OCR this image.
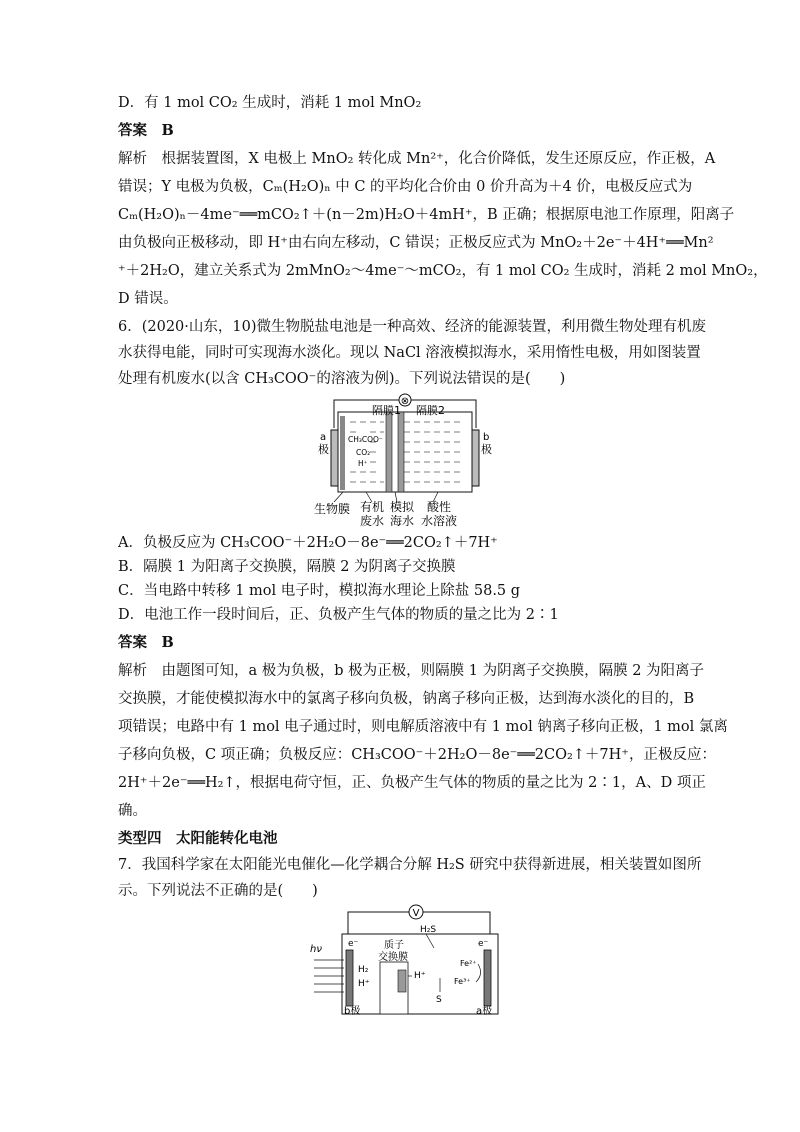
D．有 1 mol CO₂ 生成时，消耗 1 mol MnO₂
答案　B
解析　根据装置图，X 电极上 MnO₂ 转化成 Mn²⁺，化合价降低，发生还原反应，作正极，A
错误；Y 电极为负极，Cₘ(H₂O)ₙ 中 C 的平均化合价由 0 价升高为＋4 价，电极反应式为
Cₘ(H₂O)ₙ－4me⁻══mCO₂↑＋(n－2m)H₂O＋4mH⁺，B 正确；根据原电池工作原理，阳离子
由负极向正极移动，即 H⁺由右向左移动，C 错误；正极反应式为 MnO₂＋2e⁻＋4H⁺══Mn²
⁺＋2H₂O，建立关系式为 2mMnO₂～4me⁻～mCO₂，有 1 mol CO₂ 生成时，消耗 2 mol MnO₂，
D 错误。
6．(2020·山东，10)微生物脱盐电池是一种高效、经济的能源装置，利用微生物处理有机废
水获得电能，同时可实现海水淡化。现以 NaCl 溶液模拟海水，采用惰性电极，用如图装置
处理有机废水(以含 CH₃COO⁻的溶液为例)。下列说法错误的是(　　)
⊗
隔膜1 隔膜2
a
极
b
极
CH₃COO⁻
CO₂
H⁺
生物膜 有机
废水
模拟
海水
酸性
水溶液
A．负极反应为 CH₃COO⁻＋2H₂O－8e⁻══2CO₂↑＋7H⁺
B．隔膜 1 为阳离子交换膜，隔膜 2 为阴离子交换膜
C．当电路中转移 1 mol 电子时，模拟海水理论上除盐 58.5 g
D．电池工作一段时间后，正、负极产生气体的物质的量之比为 2∶1
答案　B
解析　由题图可知，a 极为负极，b 极为正极，则隔膜 1 为阴离子交换膜，隔膜 2 为阳离子
交换膜，才能使模拟海水中的氯离子移向负极，钠离子移向正极，达到海水淡化的目的，B
项错误；电路中有 1 mol 电子通过时，则电解质溶液中有 1 mol 钠离子移向正极，1 mol 氯离
子移向负极，C 项正确；负极反应：CH₃COO⁻＋2H₂O－8e⁻══2CO₂↑＋7H⁺，正极反应：
2H⁺＋2e⁻══H₂↑，根据电荷守恒，正、负极产生气体的物质的量之比为 2∶1，A、D 项正
确。
类型四　太阳能转化电池
7．我国科学家在太阳能光电催化—化学耦合分解 H₂S 研究中获得新进展，相关装置如图所
示。下列说法不正确的是(　　)
V
hν
H₂S
e⁻	e⁻
H₂
H⁺
质子
交换膜
H⁺
Fe²⁺
Fe³⁺
S
b极	a极
